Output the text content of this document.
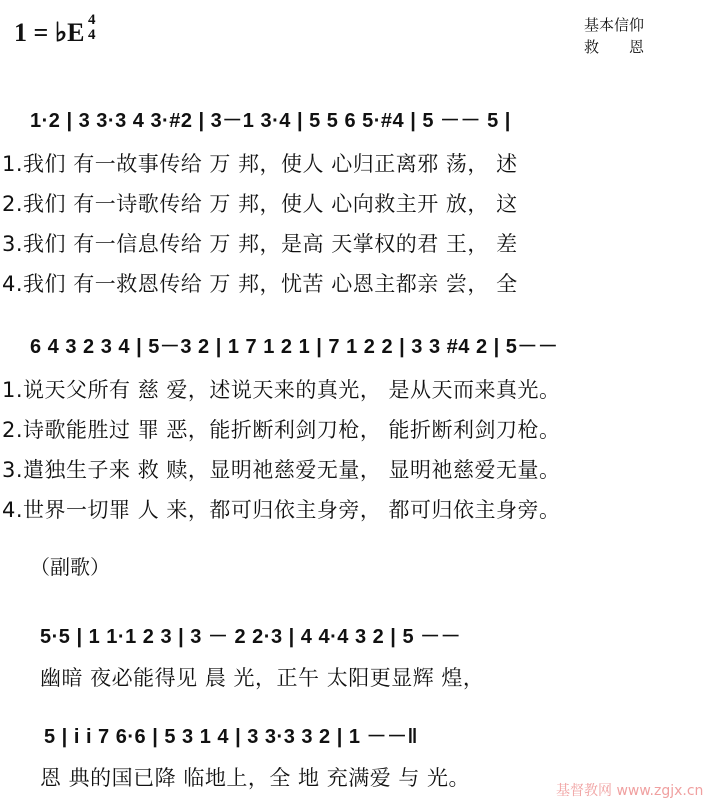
1 = ♭E 4
4
基本信仰
救　　恩
1·2 | 3 3·3 4 3·#2 | 3－1 3·4 | 5 5 6 5·#4 | 5 －－ 5 |
1.我们 有一故事传给 万 邦，使人 心归正离邪 荡， 述
2.我们 有一诗歌传给 万 邦，使人 心向救主开 放， 这
3.我们 有一信息传给 万 邦，是高 天掌权的君 王， 差
4.我们 有一救恩传给 万 邦，忧苦 心恩主都亲 尝， 全
6 4 3 2 3 4 | 5－3 2 | 1 7 1 2 1 | 7 1 2 2 | 3 3 #4 2 | 5－－
1.说天父所有 慈 爱，述说天来的真光， 是从天而来真光。
2.诗歌能胜过 罪 恶，能折断利剑刀枪， 能折断利剑刀枪。
3.遣独生子来 救 赎，显明祂慈爱无量， 显明祂慈爱无量。
4.世界一切罪 人 来，都可归依主身旁， 都可归依主身旁。
（副歌）
5·5 | 1 1·1 2 3 | 3 － 2 2·3 | 4 4·4 3 2 | 5 －－
幽暗 夜必能得见 晨 光，正午 太阳更显辉 煌，
5 | i i 7 6·6 | 5 3 1 4 | 3 3·3 3 2 | 1 －－‖
恩 典的国已降 临地上，全 地 充满爱 与 光。
基督教网 www.zgjx.cn
